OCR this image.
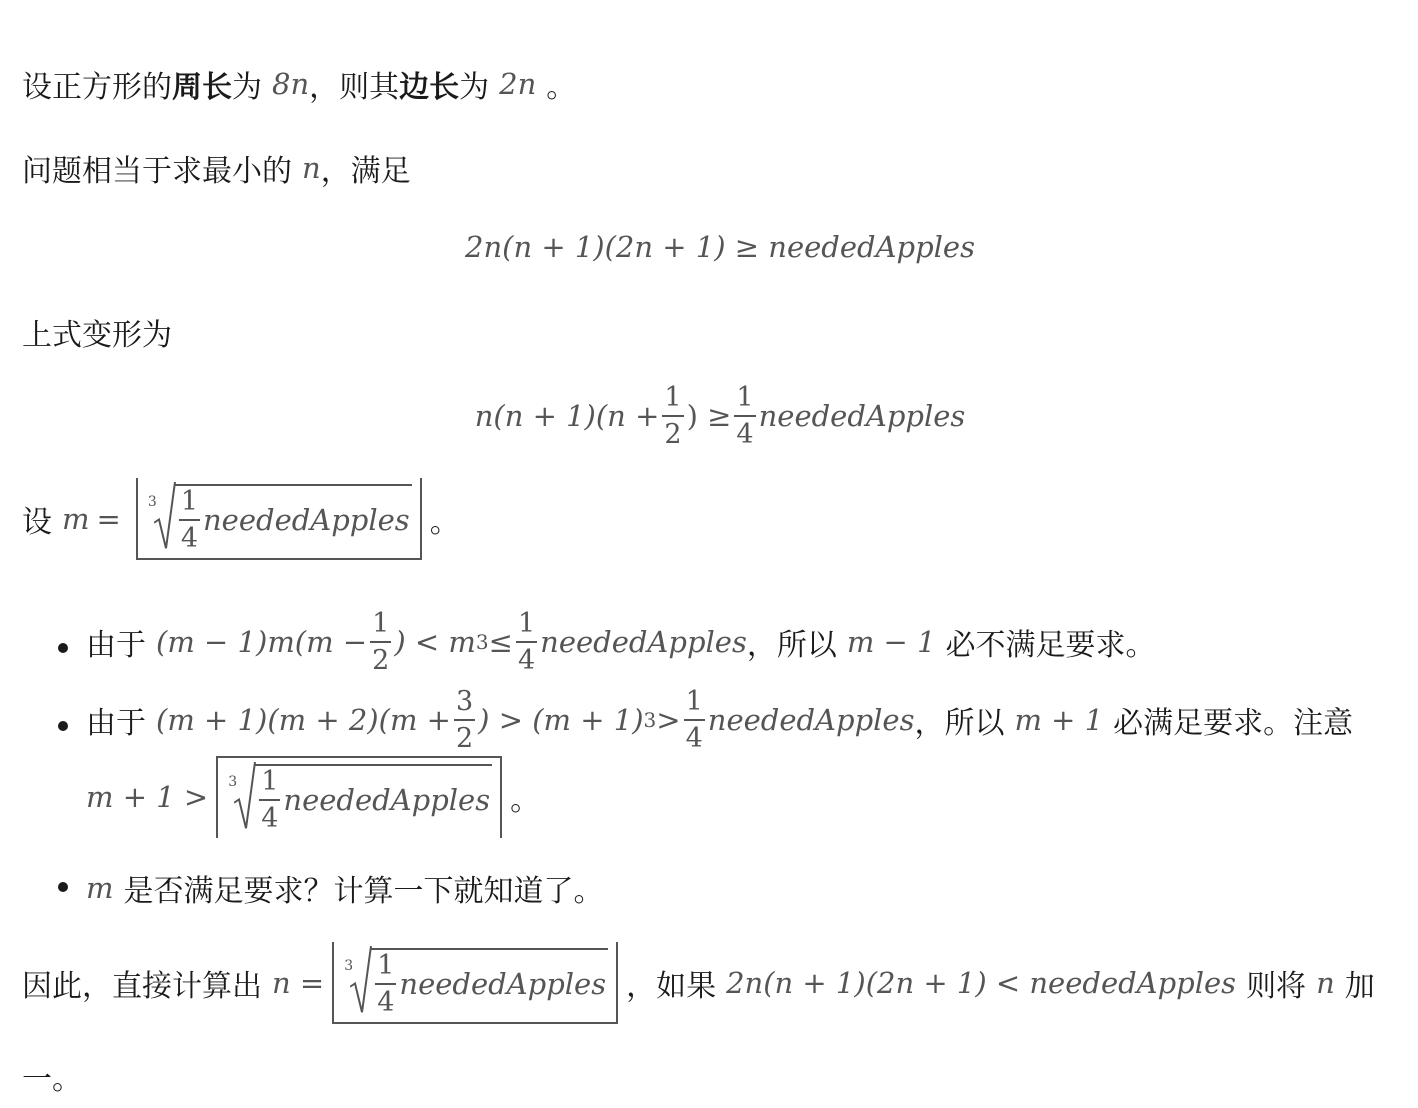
设正方形的 周长 为 8n ，则其 边长 为 2n 。
问题相当于求最小的 n ，满足
2n(n + 1)(2n + 1) ≥ neededApples
上式变形为
$n(n + 1)(n + \frac{1}{2}$ ) ≥ $\frac{1}{4}$ neededApples
设 $m = 3 \frac{1}{4}$ neededApples 。
由于 $(m - 1)m(m - \frac{1}{2}$ ) < m $3 \le \frac{1}{4}$ neededApples ，所以 m − 1 必不满足要求。
由于 $(m + 1)(m + 2)(m + \frac{3}{2}$ ) > (m + 1) $3 > \frac{1}{4}$ neededApples ，所以 m + 1 必满足要求。注意
$m + 1 > 3 \frac{1}{4}$ neededApples 。
m 是否满足要求？计算一下就知道了。
因此，直接计算出 $n = 3 \frac{1}{4}$ neededApples ，如果 2n(n + 1)(2n + 1) < neededApples 则将 n 加
一。
